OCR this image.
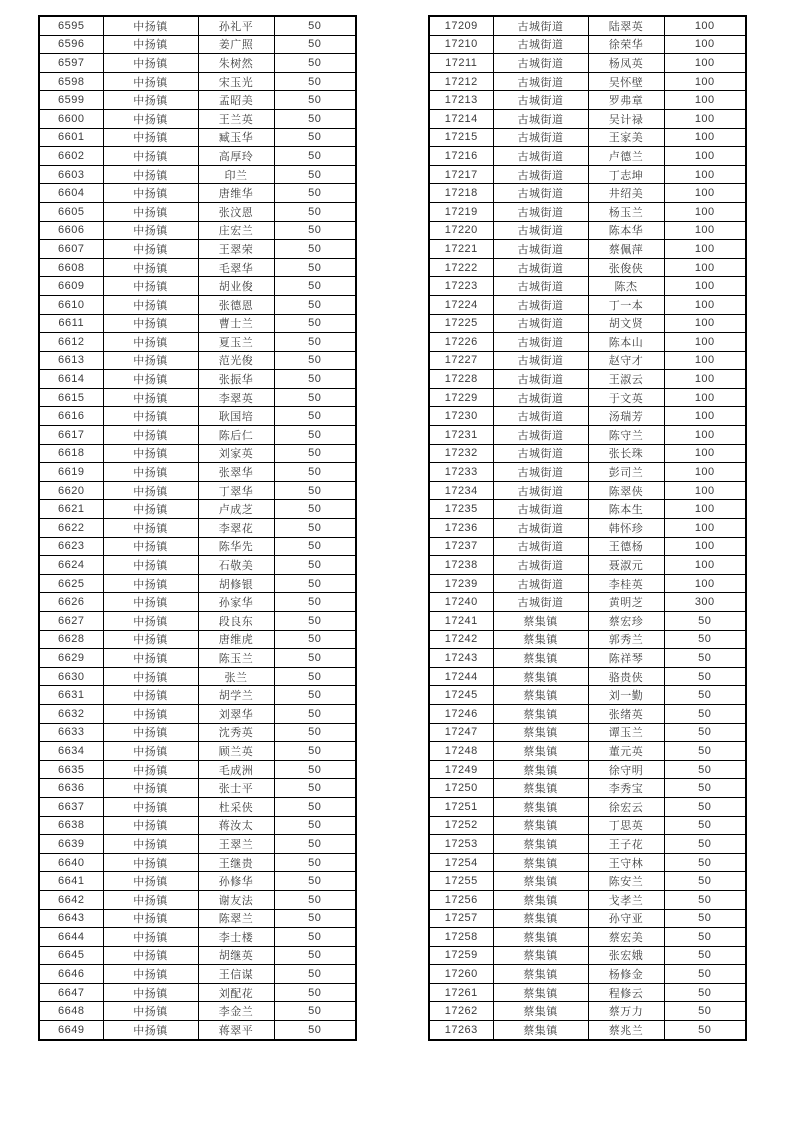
6595	中扬镇	孙礼平	50
6596	中扬镇	姜广照	50
6597	中扬镇	朱树然	50
6598	中扬镇	宋玉光	50
6599	中扬镇	孟昭美	50
6600	中扬镇	王兰英	50
6601	中扬镇	臧玉华	50
6602	中扬镇	高厚玲	50
6603	中扬镇	印兰	50
6604	中扬镇	唐维华	50
6605	中扬镇	张汶恩	50
6606	中扬镇	庄宏兰	50
6607	中扬镇	王翠荣	50
6608	中扬镇	毛翠华	50
6609	中扬镇	胡业俊	50
6610	中扬镇	张德恩	50
6611	中扬镇	曹士兰	50
6612	中扬镇	夏玉兰	50
6613	中扬镇	范光俊	50
6614	中扬镇	张振华	50
6615	中扬镇	李翠英	50
6616	中扬镇	耿国培	50
6617	中扬镇	陈后仁	50
6618	中扬镇	刘家英	50
6619	中扬镇	张翠华	50
6620	中扬镇	丁翠华	50
6621	中扬镇	卢成芝	50
6622	中扬镇	李翠花	50
6623	中扬镇	陈华先	50
6624	中扬镇	石敬美	50
6625	中扬镇	胡修银	50
6626	中扬镇	孙家华	50
6627	中扬镇	段良东	50
6628	中扬镇	唐维虎	50
6629	中扬镇	陈玉兰	50
6630	中扬镇	张兰	50
6631	中扬镇	胡学兰	50
6632	中扬镇	刘翠华	50
6633	中扬镇	沈秀英	50
6634	中扬镇	顾兰英	50
6635	中扬镇	毛成洲	50
6636	中扬镇	张士平	50
6637	中扬镇	杜采侠	50
6638	中扬镇	蒋汝太	50
6639	中扬镇	王翠兰	50
6640	中扬镇	王继贵	50
6641	中扬镇	孙修华	50
6642	中扬镇	谢友法	50
6643	中扬镇	陈翠兰	50
6644	中扬镇	李士楼	50
6645	中扬镇	胡继英	50
6646	中扬镇	王信谋	50
6647	中扬镇	刘配花	50
6648	中扬镇	李金兰	50
6649	中扬镇	蒋翠平	50
17209	古城街道	陆翠英	100
17210	古城街道	徐荣华	100
17211	古城街道	杨凤英	100
17212	古城街道	吴怀壁	100
17213	古城街道	罗弗章	100
17214	古城街道	吴计禄	100
17215	古城街道	王家美	100
17216	古城街道	卢德兰	100
17217	古城街道	丁志坤	100
17218	古城街道	井绍美	100
17219	古城街道	杨玉兰	100
17220	古城街道	陈本华	100
17221	古城街道	蔡佩萍	100
17222	古城街道	张俊侠	100
17223	古城街道	陈杰	100
17224	古城街道	丁一本	100
17225	古城街道	胡文贤	100
17226	古城街道	陈本山	100
17227	古城街道	赵守才	100
17228	古城街道	王淑云	100
17229	古城街道	于文英	100
17230	古城街道	汤瑞芳	100
17231	古城街道	陈守兰	100
17232	古城街道	张长珠	100
17233	古城街道	彭司兰	100
17234	古城街道	陈翠侠	100
17235	古城街道	陈本生	100
17236	古城街道	韩怀珍	100
17237	古城街道	王德杨	100
17238	古城街道	聂淑元	100
17239	古城街道	李桂英	100
17240	古城街道	黄明芝	300
17241	蔡集镇	蔡宏珍	50
17242	蔡集镇	郭秀兰	50
17243	蔡集镇	陈祥琴	50
17244	蔡集镇	骆贵侠	50
17245	蔡集镇	刘一勤	50
17246	蔡集镇	张绪英	50
17247	蔡集镇	谭玉兰	50
17248	蔡集镇	董元英	50
17249	蔡集镇	徐守明	50
17250	蔡集镇	李秀宝	50
17251	蔡集镇	徐宏云	50
17252	蔡集镇	丁思英	50
17253	蔡集镇	王子花	50
17254	蔡集镇	王守林	50
17255	蔡集镇	陈安兰	50
17256	蔡集镇	戈孝兰	50
17257	蔡集镇	孙守亚	50
17258	蔡集镇	蔡宏美	50
17259	蔡集镇	张宏娥	50
17260	蔡集镇	杨修金	50
17261	蔡集镇	程修云	50
17262	蔡集镇	蔡万力	50
17263	蔡集镇	蔡兆兰	50
